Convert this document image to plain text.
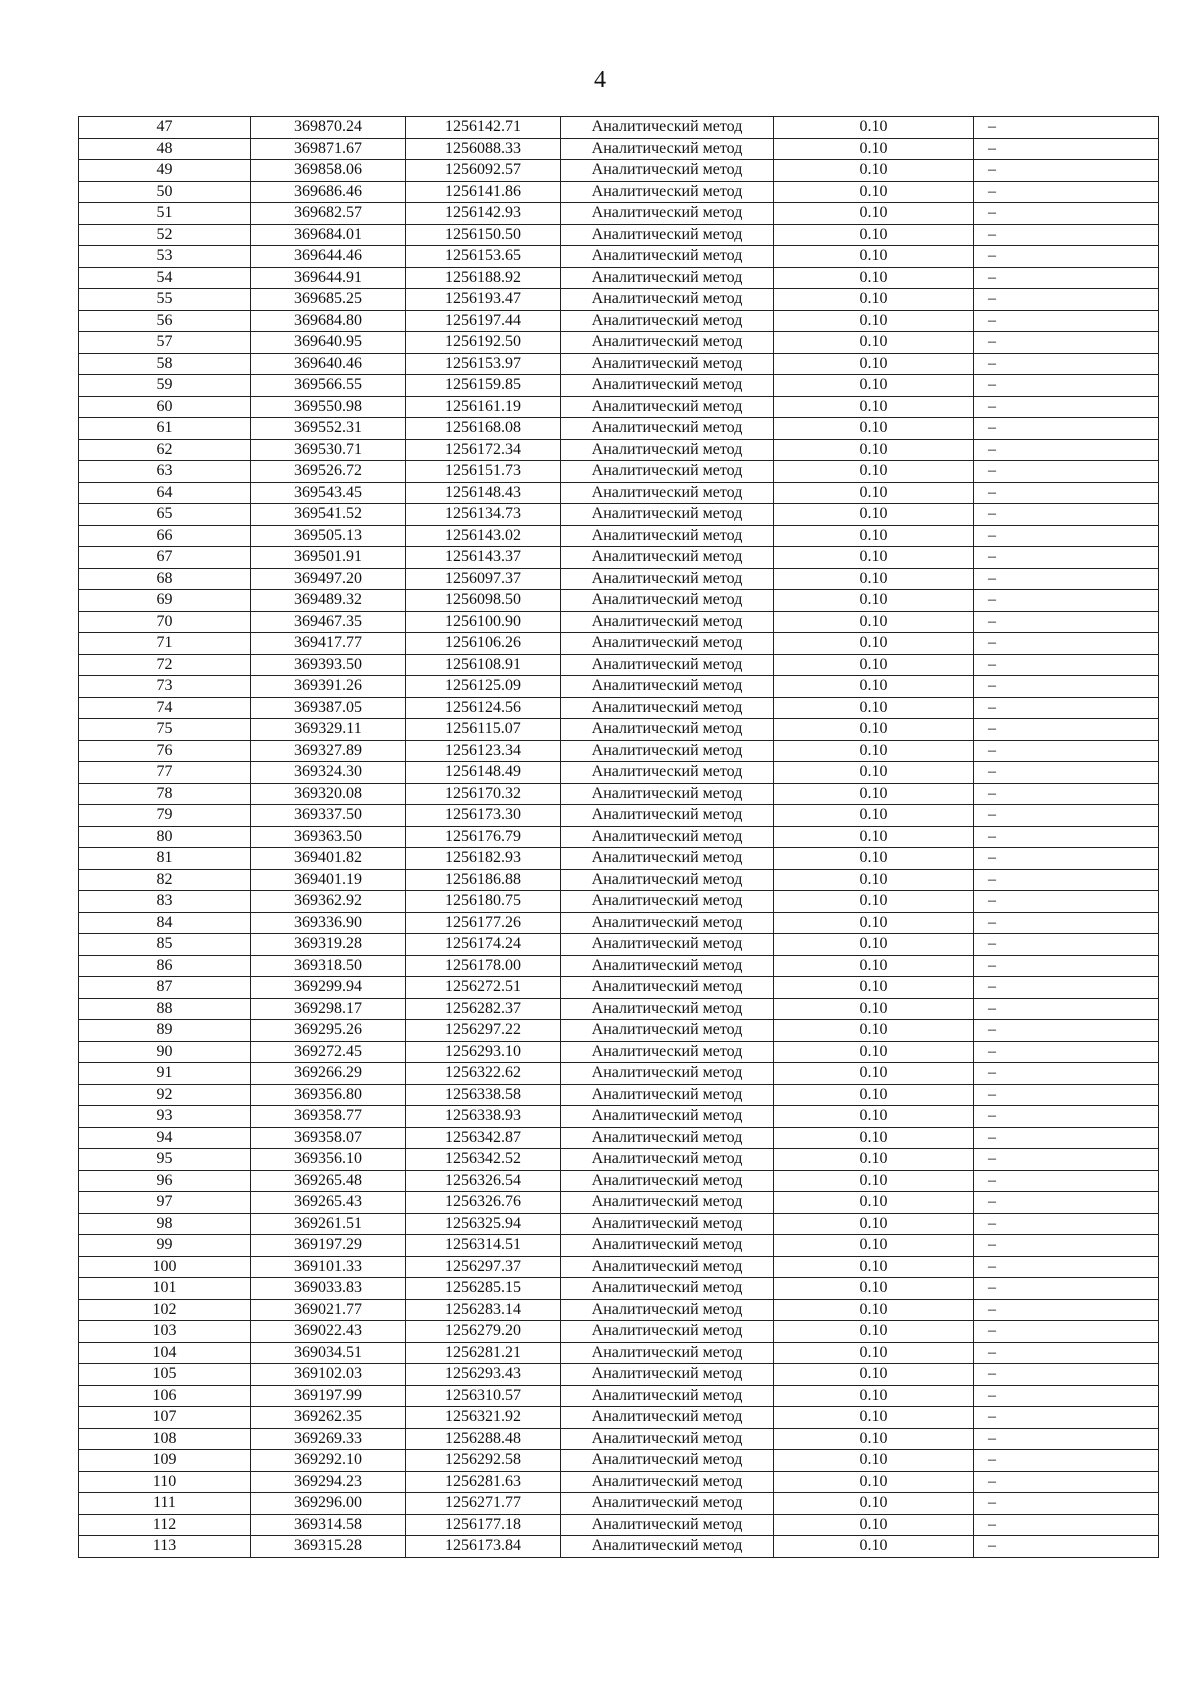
4
47	369870.24	1256142.71	Аналитический метод	0.10	–
48	369871.67	1256088.33	Аналитический метод	0.10	–
49	369858.06	1256092.57	Аналитический метод	0.10	–
50	369686.46	1256141.86	Аналитический метод	0.10	–
51	369682.57	1256142.93	Аналитический метод	0.10	–
52	369684.01	1256150.50	Аналитический метод	0.10	–
53	369644.46	1256153.65	Аналитический метод	0.10	–
54	369644.91	1256188.92	Аналитический метод	0.10	–
55	369685.25	1256193.47	Аналитический метод	0.10	–
56	369684.80	1256197.44	Аналитический метод	0.10	–
57	369640.95	1256192.50	Аналитический метод	0.10	–
58	369640.46	1256153.97	Аналитический метод	0.10	–
59	369566.55	1256159.85	Аналитический метод	0.10	–
60	369550.98	1256161.19	Аналитический метод	0.10	–
61	369552.31	1256168.08	Аналитический метод	0.10	–
62	369530.71	1256172.34	Аналитический метод	0.10	–
63	369526.72	1256151.73	Аналитический метод	0.10	–
64	369543.45	1256148.43	Аналитический метод	0.10	–
65	369541.52	1256134.73	Аналитический метод	0.10	–
66	369505.13	1256143.02	Аналитический метод	0.10	–
67	369501.91	1256143.37	Аналитический метод	0.10	–
68	369497.20	1256097.37	Аналитический метод	0.10	–
69	369489.32	1256098.50	Аналитический метод	0.10	–
70	369467.35	1256100.90	Аналитический метод	0.10	–
71	369417.77	1256106.26	Аналитический метод	0.10	–
72	369393.50	1256108.91	Аналитический метод	0.10	–
73	369391.26	1256125.09	Аналитический метод	0.10	–
74	369387.05	1256124.56	Аналитический метод	0.10	–
75	369329.11	1256115.07	Аналитический метод	0.10	–
76	369327.89	1256123.34	Аналитический метод	0.10	–
77	369324.30	1256148.49	Аналитический метод	0.10	–
78	369320.08	1256170.32	Аналитический метод	0.10	–
79	369337.50	1256173.30	Аналитический метод	0.10	–
80	369363.50	1256176.79	Аналитический метод	0.10	–
81	369401.82	1256182.93	Аналитический метод	0.10	–
82	369401.19	1256186.88	Аналитический метод	0.10	–
83	369362.92	1256180.75	Аналитический метод	0.10	–
84	369336.90	1256177.26	Аналитический метод	0.10	–
85	369319.28	1256174.24	Аналитический метод	0.10	–
86	369318.50	1256178.00	Аналитический метод	0.10	–
87	369299.94	1256272.51	Аналитический метод	0.10	–
88	369298.17	1256282.37	Аналитический метод	0.10	–
89	369295.26	1256297.22	Аналитический метод	0.10	–
90	369272.45	1256293.10	Аналитический метод	0.10	–
91	369266.29	1256322.62	Аналитический метод	0.10	–
92	369356.80	1256338.58	Аналитический метод	0.10	–
93	369358.77	1256338.93	Аналитический метод	0.10	–
94	369358.07	1256342.87	Аналитический метод	0.10	–
95	369356.10	1256342.52	Аналитический метод	0.10	–
96	369265.48	1256326.54	Аналитический метод	0.10	–
97	369265.43	1256326.76	Аналитический метод	0.10	–
98	369261.51	1256325.94	Аналитический метод	0.10	–
99	369197.29	1256314.51	Аналитический метод	0.10	–
100	369101.33	1256297.37	Аналитический метод	0.10	–
101	369033.83	1256285.15	Аналитический метод	0.10	–
102	369021.77	1256283.14	Аналитический метод	0.10	–
103	369022.43	1256279.20	Аналитический метод	0.10	–
104	369034.51	1256281.21	Аналитический метод	0.10	–
105	369102.03	1256293.43	Аналитический метод	0.10	–
106	369197.99	1256310.57	Аналитический метод	0.10	–
107	369262.35	1256321.92	Аналитический метод	0.10	–
108	369269.33	1256288.48	Аналитический метод	0.10	–
109	369292.10	1256292.58	Аналитический метод	0.10	–
110	369294.23	1256281.63	Аналитический метод	0.10	–
111	369296.00	1256271.77	Аналитический метод	0.10	–
112	369314.58	1256177.18	Аналитический метод	0.10	–
113	369315.28	1256173.84	Аналитический метод	0.10	–
